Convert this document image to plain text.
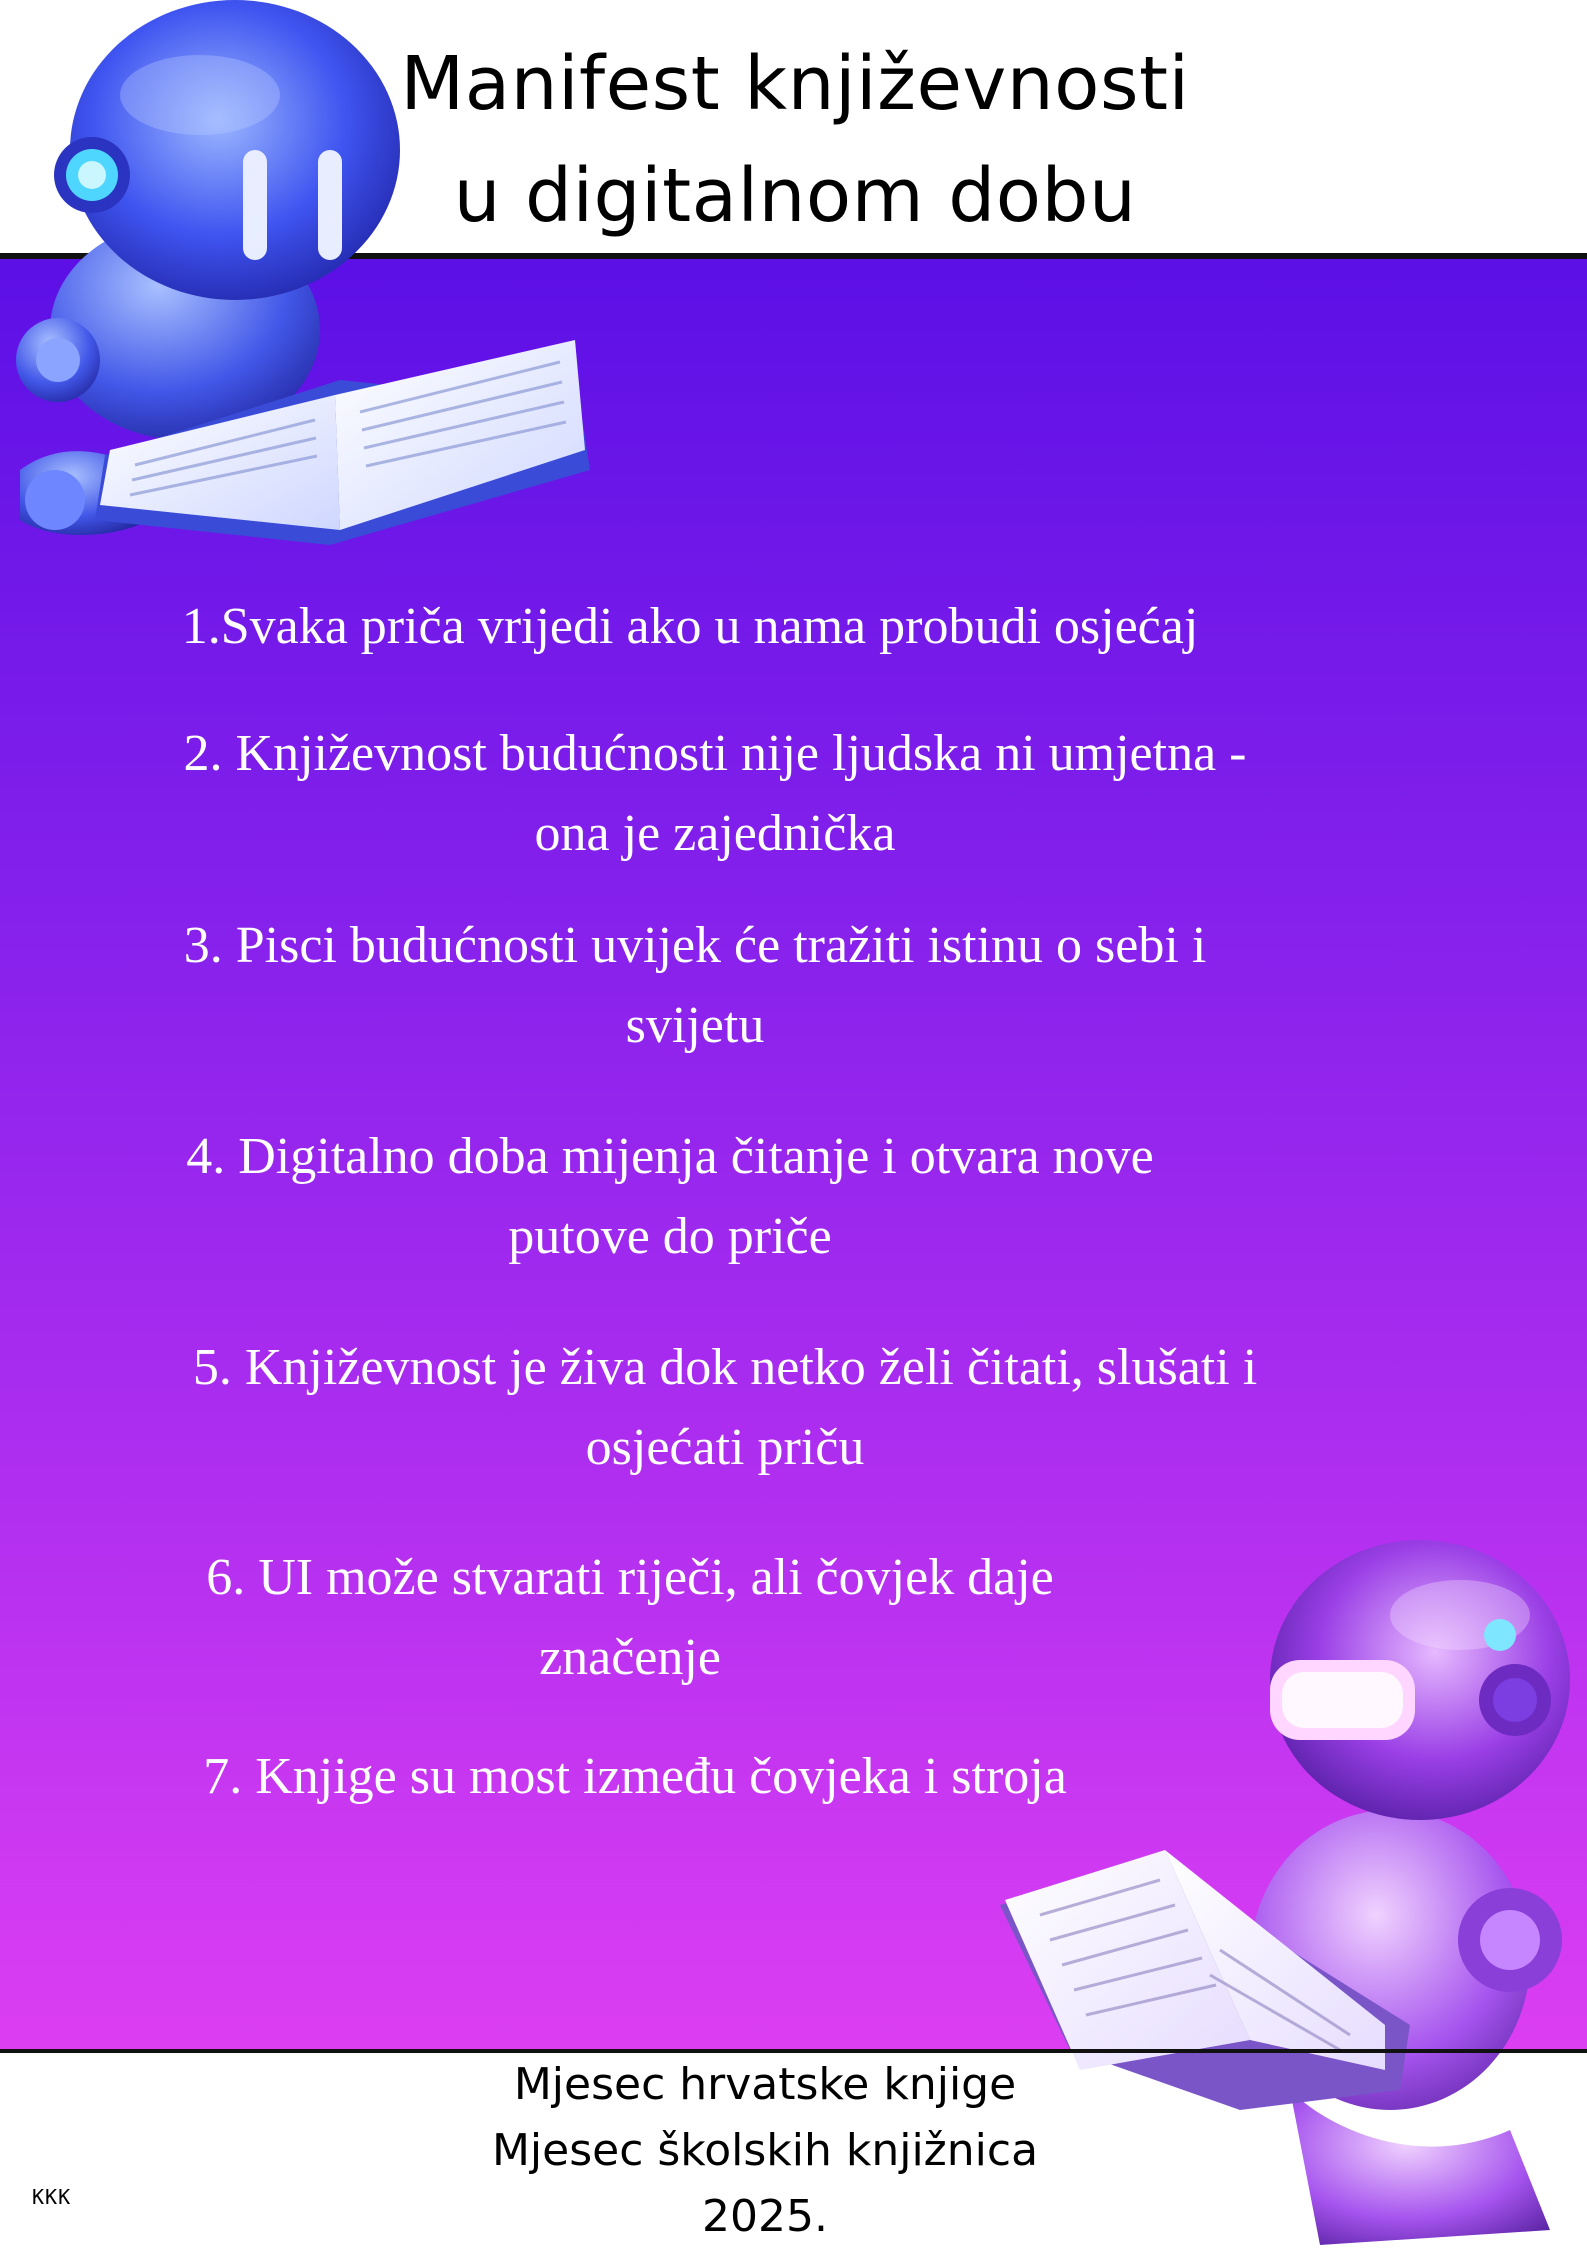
Manifest književnosti
u digitalnom dobu
1.Svaka priča vrijedi ako u nama probudi osjećaj
2. Književnost budućnosti nije ljudska ni umjetna -
ona je zajednička
3. Pisci budućnosti uvijek će tražiti istinu o sebi i
svijetu
4. Digitalno doba mijenja čitanje i otvara nove
putove do priče
5. Književnost je živa dok netko želi čitati, slušati i
osjećati priču
6. UI može stvarati riječi, ali čovjek daje
značenje
7. Knjige su most između čovjeka i stroja
Mjesec hrvatske knjige
Mjesec školskih knjižnica
2025.
KKK
